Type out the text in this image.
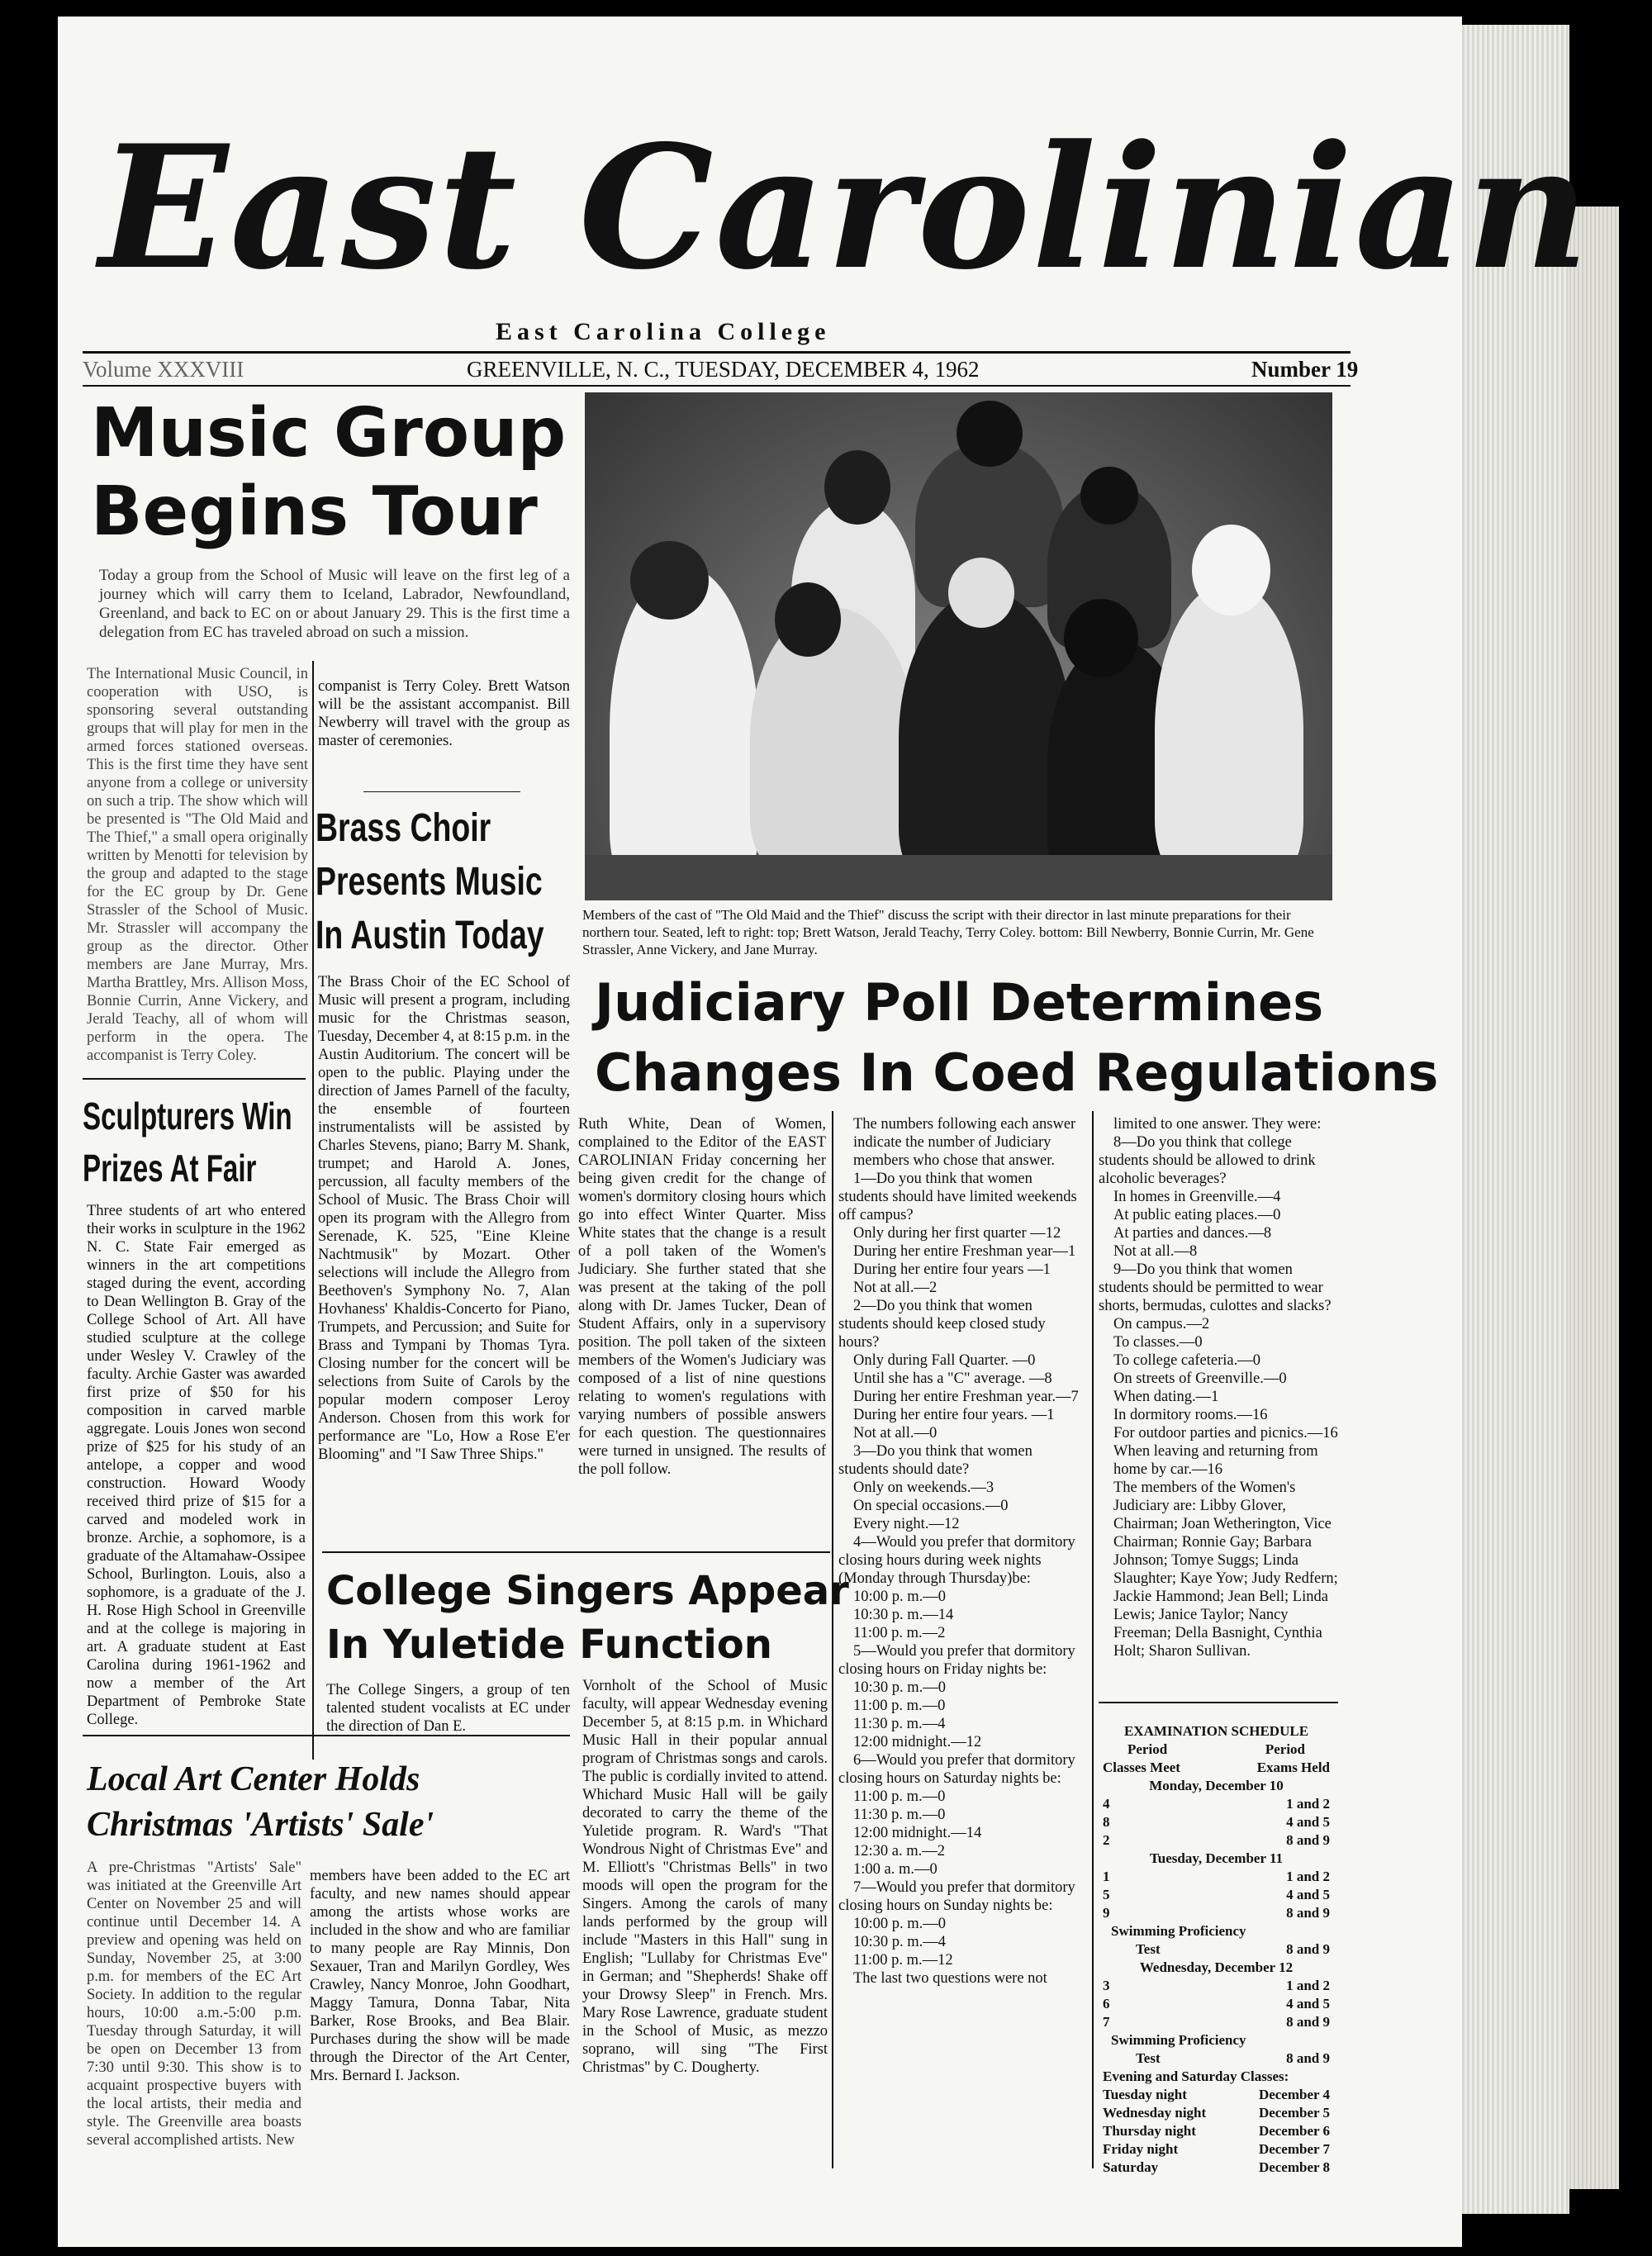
East Carolinian
East Carolina College
Volume XXXVIII	GREENVILLE, N. C., TUESDAY, DECEMBER 4, 1962	Number 19
Music Group
Begins Tour
Today a group from the School of Music will leave on the first leg of a journey which will carry them to Iceland, Labrador, Newfoundland, Greenland, and back to EC on or about January 29. This is the first time a delegation from EC has traveled abroad on such a mission.
The International Music Council, in cooperation with USO, is sponsoring several outstanding groups that will play for men in the armed forces stationed overseas. This is the first time they have sent anyone from a college or university on such a trip. The show which will be presented is "The Old Maid and The Thief," a small opera originally written by Menotti for television by the group and adapted to the stage for the EC group by Dr. Gene Strassler of the School of Music. Mr. Strassler will accompany the group as the director. Other members are Jane Murray, Mrs. Martha Brattley, Mrs. Allison Moss, Bonnie Currin, Anne Vickery, and Jerald Teachy, all of whom will perform in the opera. The accompanist is Terry Coley.
companist is Terry Coley. Brett Watson will be the assistant accompanist. Bill Newberry will travel with the group as master of ceremonies.
Brass Choir
Presents Music
In Austin Today
The Brass Choir of the EC School of Music will present a program, including music for the Christmas season, Tuesday, December 4, at 8:15 p.m. in the Austin Auditorium. The concert will be open to the public. Playing under the direction of James Parnell of the faculty, the ensemble of fourteen instrumentalists will be assisted by Charles Stevens, piano; Barry M. Shank, trumpet; and Harold A. Jones, percussion, all faculty members of the School of Music. The Brass Choir will open its program with the Allegro from Serenade, K. 525, "Eine Kleine Nachtmusik" by Mozart. Other selections will include the Allegro from Beethoven's Symphony No. 7, Alan Hovhaness' Khaldis-Concerto for Piano, Trumpets, and Percussion; and Suite for Brass and Tympani by Thomas Tyra. Closing number for the concert will be selections from Suite of Carols by the popular modern composer Leroy Anderson. Chosen from this work for performance are "Lo, How a Rose E'er Blooming" and "I Saw Three Ships."
Sculpturers Win
Prizes At Fair
Three students of art who entered their works in sculpture in the 1962 N. C. State Fair emerged as winners in the art competitions staged during the event, according to Dean Wellington B. Gray of the College School of Art. All have studied sculpture at the college under Wesley V. Crawley of the faculty. Archie Gaster was awarded first prize of $50 for his composition in carved marble aggregate. Louis Jones won second prize of $25 for his study of an antelope, a copper and wood construction. Howard Woody received third prize of $15 for a carved and modeled work in bronze. Archie, a sophomore, is a graduate of the Altamahaw-Ossipee School, Burlington. Louis, also a sophomore, is a graduate of the J. H. Rose High School in Greenville and at the college is majoring in art. A graduate student at East Carolina during 1961-1962 and now a member of the Art Department of Pembroke State College.
Local Art Center Holds
Christmas 'Artists' Sale'
A pre-Christmas "Artists' Sale" was initiated at the Greenville Art Center on November 25 and will continue until December 14. A preview and opening was held on Sunday, November 25, at 3:00 p.m. for members of the EC Art Society. In addition to the regular hours, 10:00 a.m.-5:00 p.m. Tuesday through Saturday, it will be open on December 13 from 7:30 until 9:30. This show is to acquaint prospective buyers with the local artists, their media and style. The Greenville area boasts several accomplished artists. New
members have been added to the EC art faculty, and new names should appear among the artists whose works are included in the show and who are familiar to many people are Ray Minnis, Don Sexauer, Tran and Marilyn Gordley, Wes Crawley, Nancy Monroe, John Goodhart, Maggy Tamura, Donna Tabar, Nita Barker, Rose Brooks, and Bea Blair. Purchases during the show will be made through the Director of the Art Center, Mrs. Bernard I. Jackson.
Members of the cast of "The Old Maid and the Thief" discuss the script with their director in last minute preparations for their northern tour. Seated, left to right: top; Brett Watson, Jerald Teachy, Terry Coley. bottom: Bill Newberry, Bonnie Currin, Mr. Gene Strassler, Anne Vickery, and Jane Murray.
Judiciary Poll Determines
Changes In Coed Regulations
Ruth White, Dean of Women, complained to the Editor of the EAST CAROLINIAN Friday concerning her being given credit for the change of women's dormitory closing hours which go into effect Winter Quarter. Miss White states that the change is a result of a poll taken of the Women's Judiciary. She further stated that she was present at the taking of the poll along with Dr. James Tucker, Dean of Student Affairs, only in a supervisory position. The poll taken of the sixteen members of the Women's Judiciary was composed of a list of nine questions relating to women's regulations with varying numbers of possible answers for each question. The questionnaires were turned in unsigned. The results of the poll follow.
The numbers following each answer indicate the number of Judiciary members who chose that answer.
1—Do you think that women students should have limited weekends off campus?
Only during her first quarter —12
During her entire Freshman year—1
During her entire four years —1
Not at all.—2
2—Do you think that women students should keep closed study hours?
Only during Fall Quarter. —0
Until she has a "C" average. —8
During her entire Freshman year.—7
During her entire four years. —1
Not at all.—0
3—Do you think that women students should date?
Only on weekends.—3
On special occasions.—0
Every night.—12
4—Would you prefer that dormitory closing hours during week nights (Monday through Thursday)be:
10:00 p. m.—0
10:30 p. m.—14
11:00 p. m.—2
5—Would you prefer that dormitory closing hours on Friday nights be:
10:30 p. m.—0
11:00 p. m.—0
11:30 p. m.—4
12:00 midnight.—12
6—Would you prefer that dormitory closing hours on Saturday nights be:
11:00 p. m.—0
11:30 p. m.—0
12:00 midnight.—14
12:30 a. m.—2
1:00 a. m.—0
7—Would you prefer that dormitory closing hours on Sunday nights be:
10:00 p. m.—0
10:30 p. m.—4
11:00 p. m.—12
The last two questions were not
limited to one answer. They were:
8—Do you think that college students should be allowed to drink alcoholic beverages?
In homes in Greenville.—4
At public eating places.—0
At parties and dances.—8
Not at all.—8
9—Do you think that women students should be permitted to wear shorts, bermudas, culottes and slacks?
On campus.—2
To classes.—0
To college cafeteria.—0
On streets of Greenville.—0
When dating.—1
In dormitory rooms.—16
For outdoor parties and picnics.—16
When leaving and returning from home by car.—16
The members of the Women's Judiciary are: Libby Glover, Chairman; Joan Wetherington, Vice Chairman; Ronnie Gay; Barbara Johnson; Tomye Suggs; Linda Slaughter; Kaye Yow; Judy Redfern; Jackie Hammond; Jean Bell; Linda Lewis; Janice Taylor; Nancy Freeman; Della Basnight, Cynthia Holt; Sharon Sullivan.
College Singers Appear
In Yuletide Function
The College Singers, a group of ten talented student vocalists at EC under the direction of Dan E.
Vornholt of the School of Music faculty, will appear Wednesday evening December 5, at 8:15 p.m. in Whichard Music Hall in their popular annual program of Christmas songs and carols. The public is cordially invited to attend. Whichard Music Hall will be gaily decorated to carry the theme of the Yuletide program. R. Ward's "That Wondrous Night of Christmas Eve" and M. Elliott's "Christmas Bells" in two moods will open the program for the Singers. Among the carols of many lands performed by the group will include "Masters in this Hall" sung in English; "Lullaby for Christmas Eve" in German; and "Shepherds! Shake off your Drowsy Sleep" in French. Mrs. Mary Rose Lawrence, graduate student in the School of Music, as mezzo soprano, will sing "The First Christmas" by C. Dougherty.
EXAMINATION SCHEDULE
Period	Period
Classes Meet	Exams Held
Monday, December 10
4	1 and 2
8	4 and 5
2	8 and 9
Tuesday, December 11
1	1 and 2
5	4 and 5
9	8 and 9
Swimming Proficiency
Test	8 and 9
Wednesday, December 12
3	1 and 2
6	4 and 5
7	8 and 9
Swimming Proficiency
Test	8 and 9
Evening and Saturday Classes:
Tuesday night	December 4
Wednesday night	December 5
Thursday night	December 6
Friday night	December 7
Saturday	December 8
